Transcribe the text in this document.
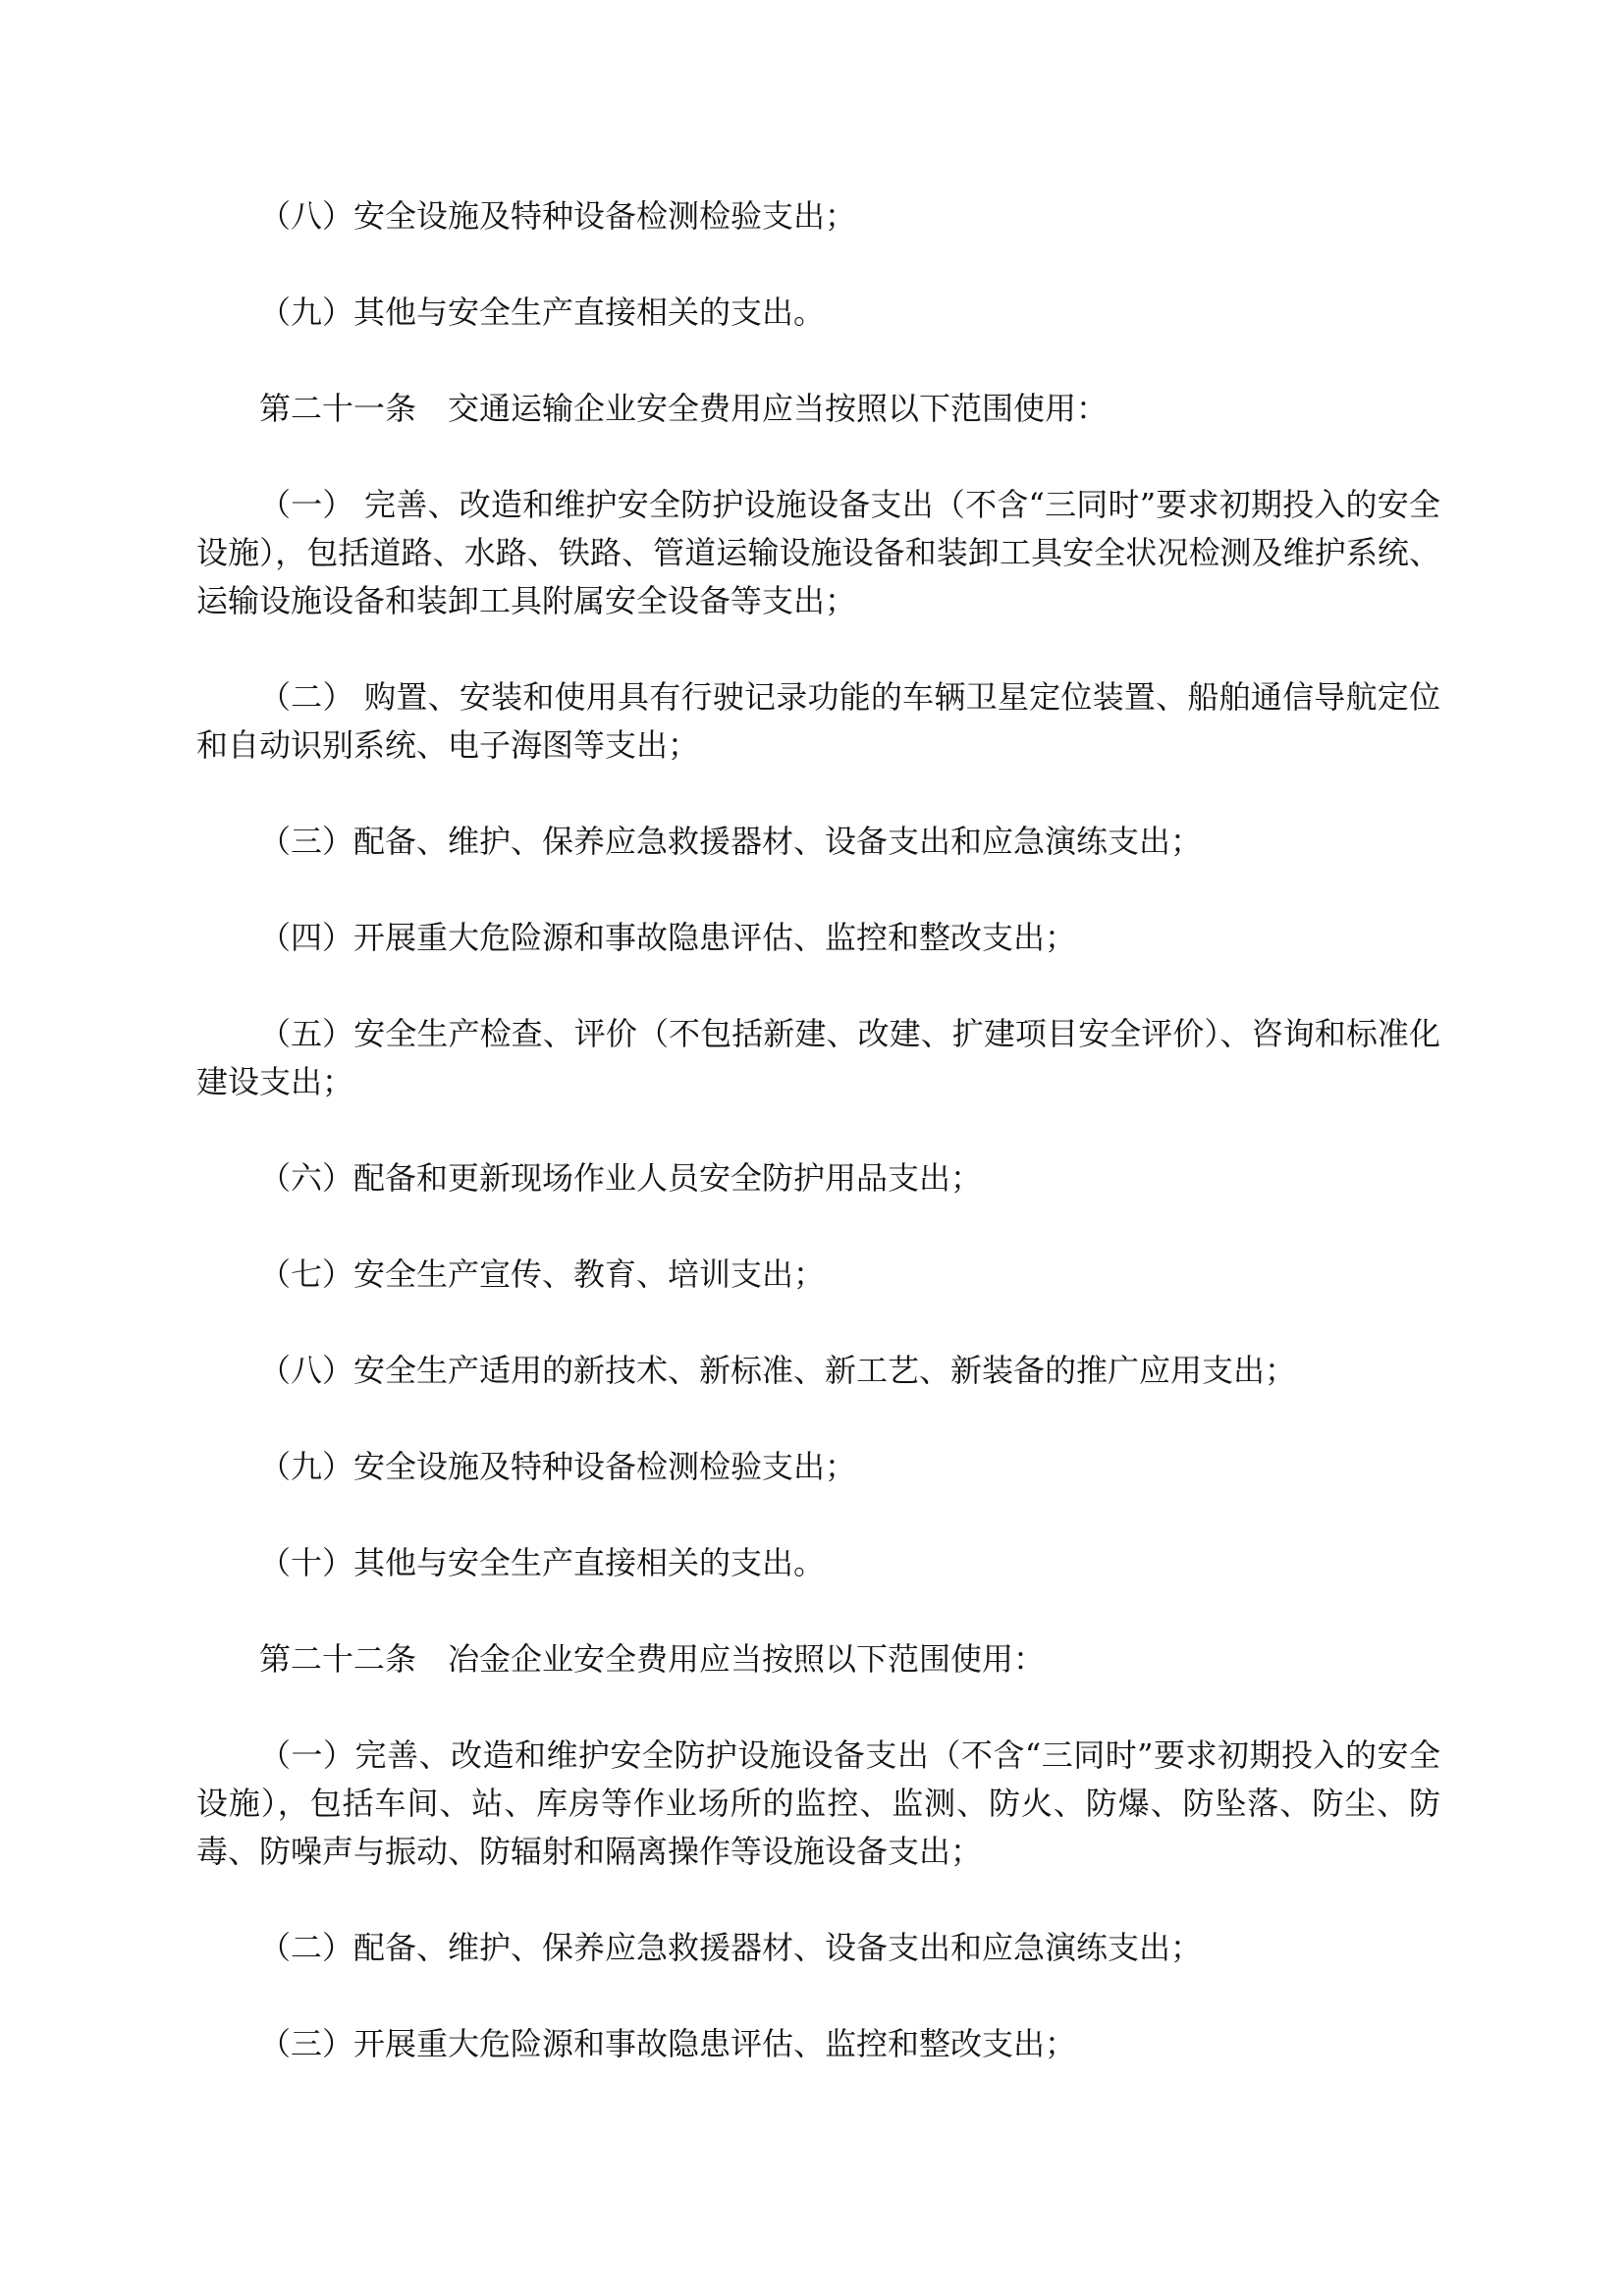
（八）安全设施及特种设备检测检验支出；

（九）其他与安全生产直接相关的支出。

第二十一条　交通运输企业安全费用应当按照以下范围使用：

（一） 完善、改造和维护安全防护设施设备支出（不含“三同时”要求初期投入的安全设施），包括道路、水路、铁路、管道运输设施设备和装卸工具安全状况检测及维护系统、运输设施设备和装卸工具附属安全设备等支出；

（二） 购置、安装和使用具有行驶记录功能的车辆卫星定位装置、船舶通信导航定位和自动识别系统、电子海图等支出；

（三）配备、维护、保养应急救援器材、设备支出和应急演练支出；

（四）开展重大危险源和事故隐患评估、监控和整改支出；

（五）安全生产检查、评价（不包括新建、改建、扩建项目安全评价）、咨询和标准化建设支出；

（六）配备和更新现场作业人员安全防护用品支出；

（七）安全生产宣传、教育、培训支出；

（八）安全生产适用的新技术、新标准、新工艺、新装备的推广应用支出；

（九）安全设施及特种设备检测检验支出；

（十）其他与安全生产直接相关的支出。

第二十二条　冶金企业安全费用应当按照以下范围使用：

（一）完善、改造和维护安全防护设施设备支出（不含“三同时”要求初期投入的安全设施），包括车间、站、库房等作业场所的监控、监测、防火、防爆、防坠落、防尘、防毒、防噪声与振动、防辐射和隔离操作等设施设备支出；

（二）配备、维护、保养应急救援器材、设备支出和应急演练支出；

（三）开展重大危险源和事故隐患评估、监控和整改支出；
